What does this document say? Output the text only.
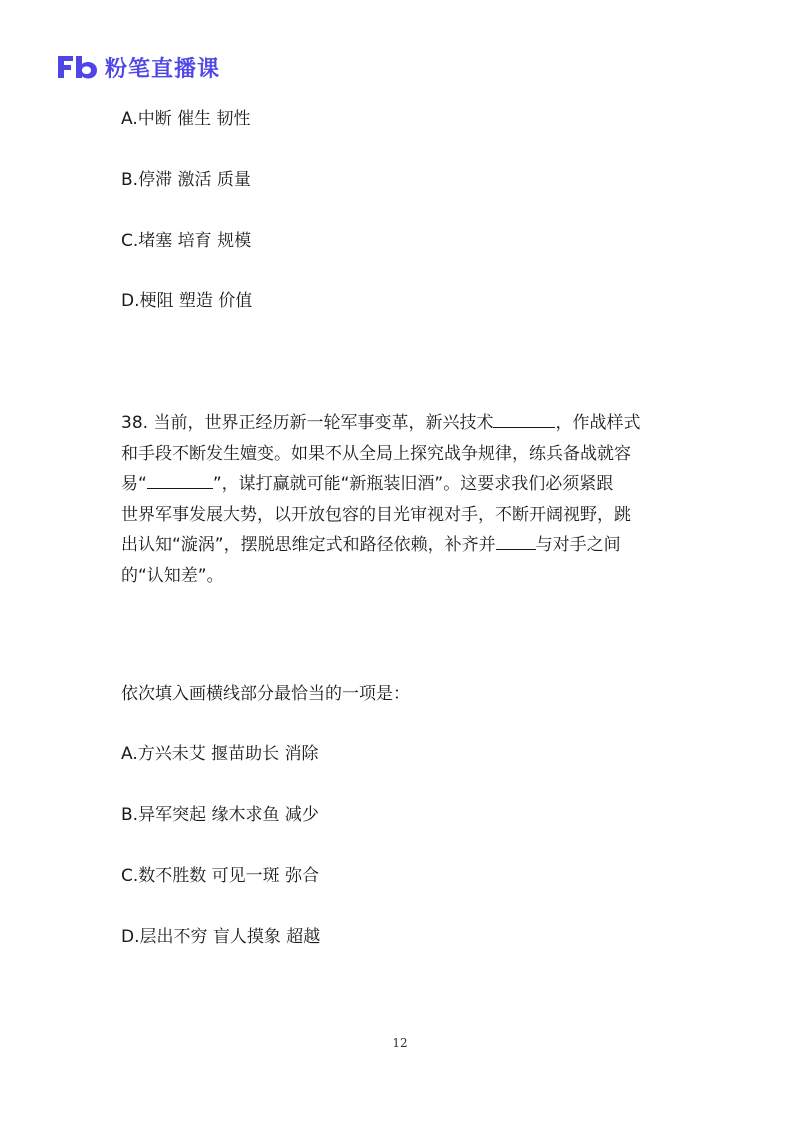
粉笔直播课
A.中断 催生 韧性
B.停滞 激活 质量
C.堵塞 培育 规模
D.梗阻 塑造 价值

38. 当前，世界正经历新一轮军事变革，新兴技术	，作战样式
和手段不断发生嬗变。如果不从全局上探究战争规律，练兵备战就容
易“	”，谋打赢就可能“新瓶装旧酒”。这要求我们必须紧跟
世界军事发展大势，以开放包容的目光审视对手，不断开阔视野，跳
出认知“漩涡”，摆脱思维定式和路径依赖，补齐并 与对手之间
的“认知差”。

依次填入画横线部分最恰当的一项是：
A.方兴未艾 揠苗助长 消除
B.异军突起 缘木求鱼 减少
C.数不胜数 可见一斑 弥合
D.层出不穷 盲人摸象 超越
12
